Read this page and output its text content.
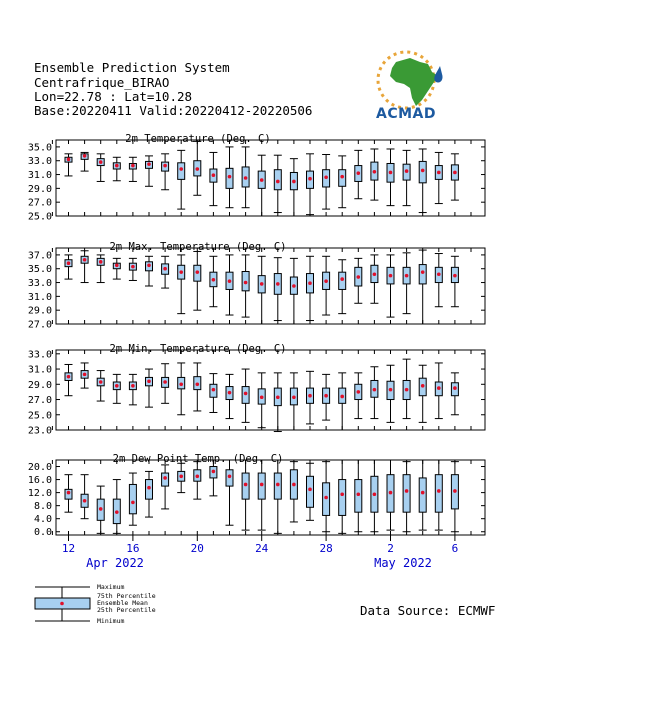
Ensemble Prediction System
Centrafrique_BIRAO
Lon=22.78 : Lat=10.28
Base:20220411 Valid:20220412-20220506	ACMAD
2m Temperature (Deg. C)
35.0
33.0
31.0
29.0
27.0
25.0
2m Max. Temperature (Deg. C)
37.0
35.0
33.0
31.0
29.0
27.0
2m Min. Temperature (Deg. C)
33.0
31.0
29.0
27.0
25.0
23.0
2m Dew Point Temp. (Deg. C)
20.0
16.0
12.0
8.0
4.0
0.0
12	16	20	24	28	2	6
Apr 2022	May 2022
Maximum
75th Percentile
Ensemble Mean
25th Percentile
Minimum
Data Source: ECMWF
